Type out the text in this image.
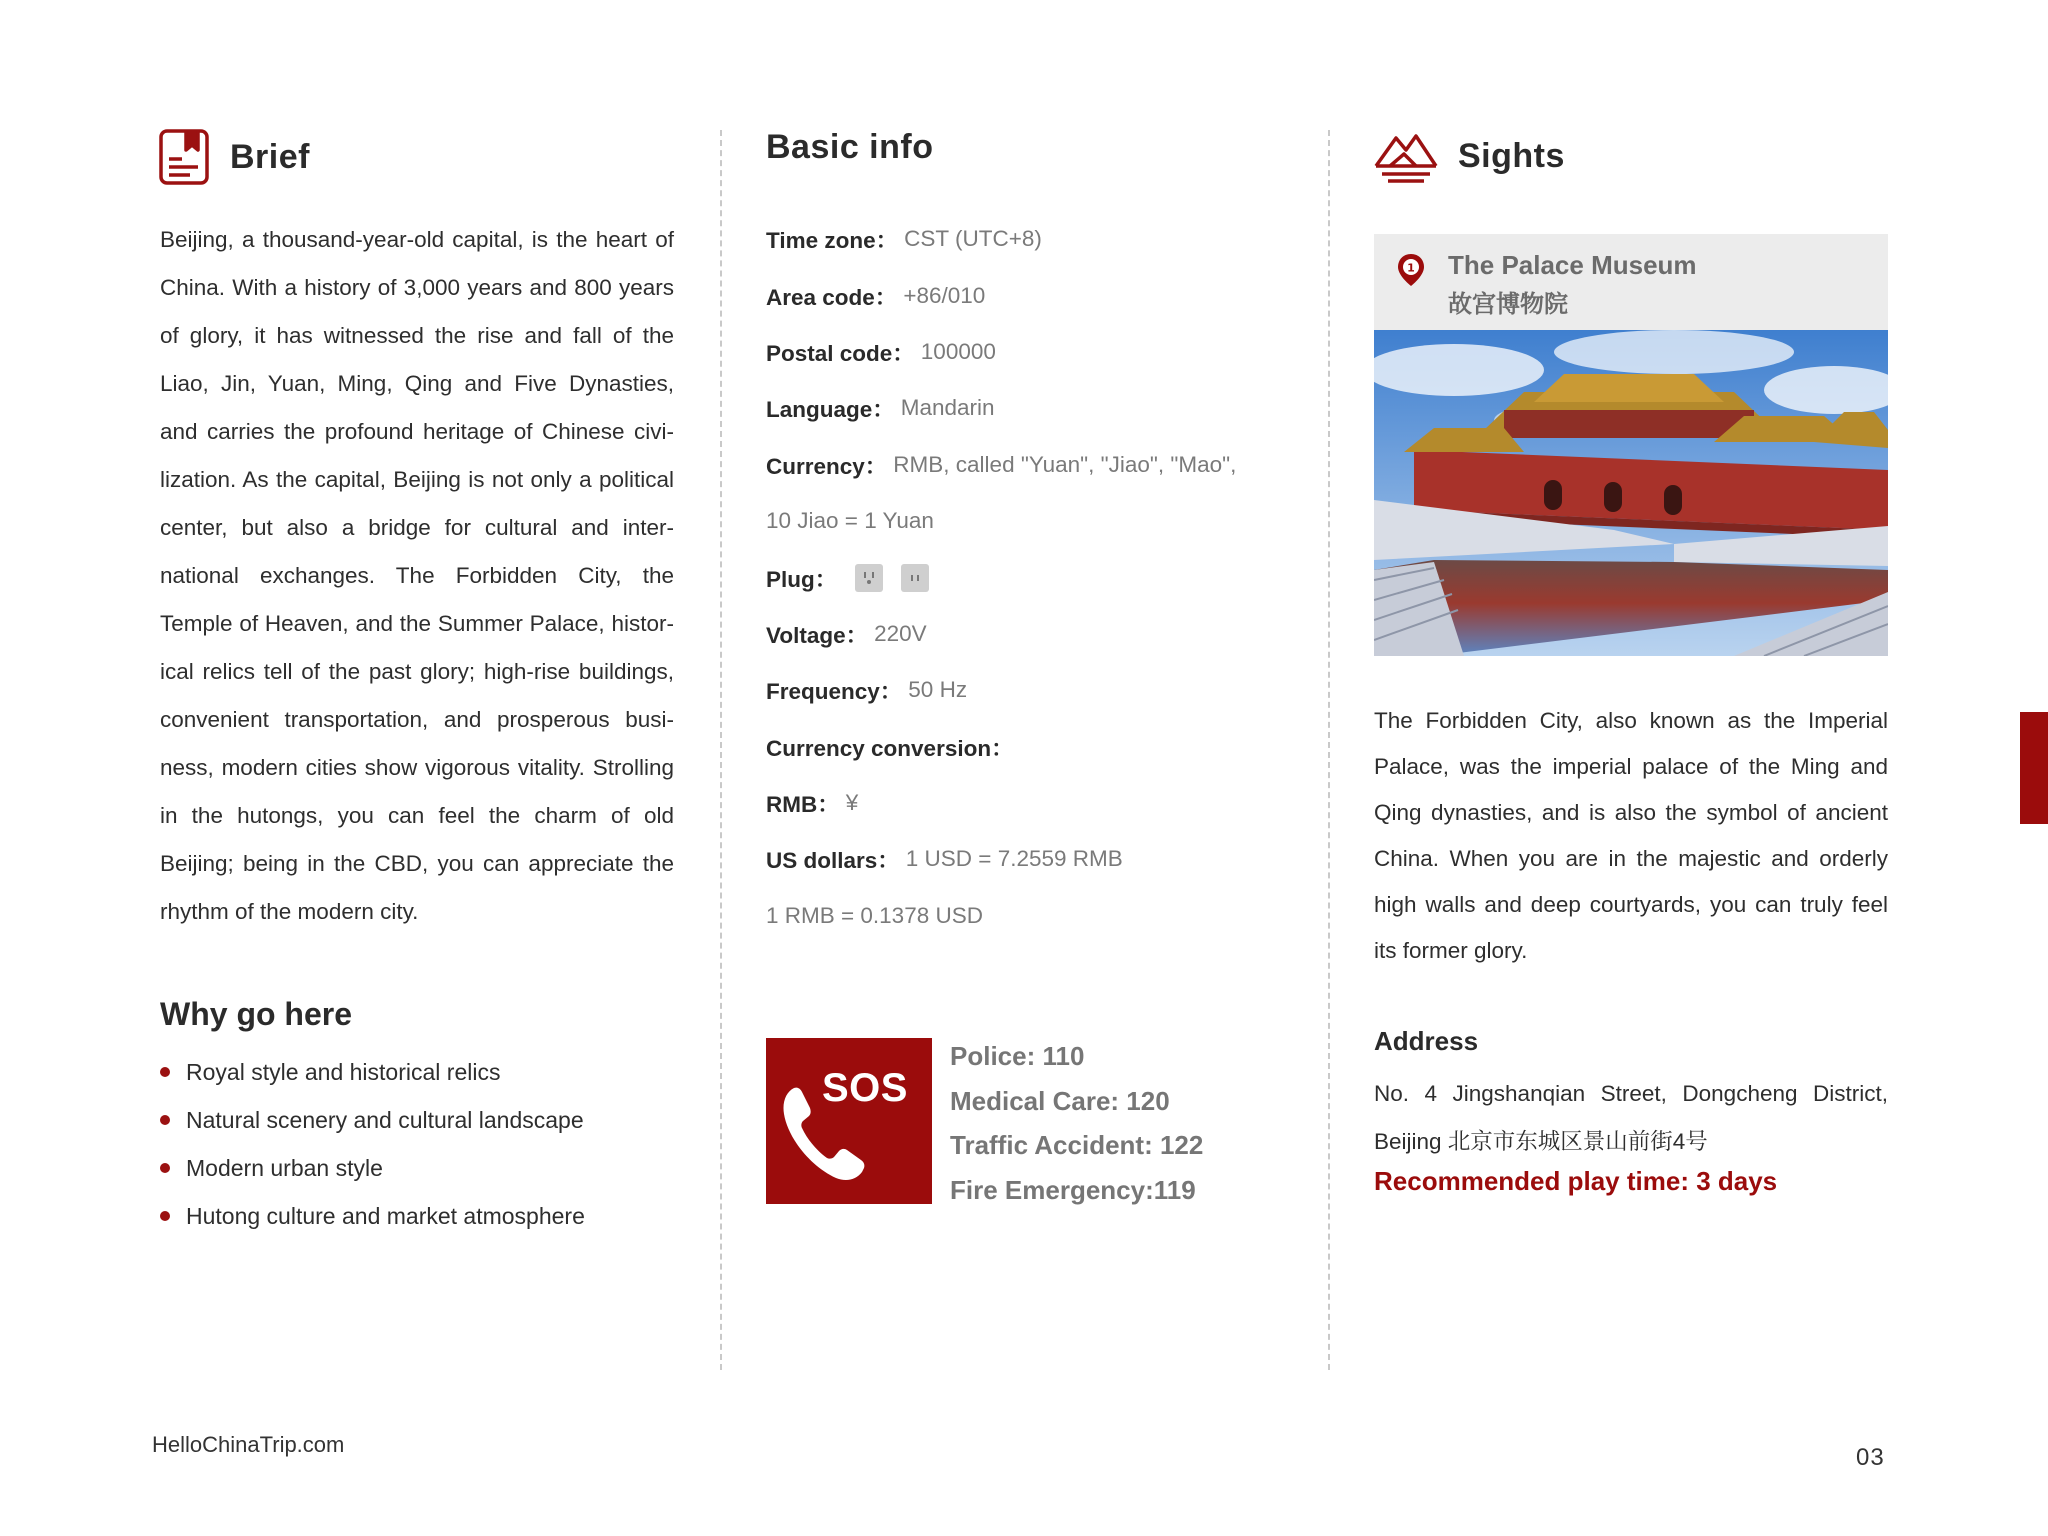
Brief

Beijing, a thousand-year-old capital, is the heart of China. With a history of 3,000 years and 800 years of glory, it has witnessed the rise and fall of the Liao, Jin, Yuan, Ming, Qing and Five Dynasties, and carries the profound heritage of Chinese civilization. As the capital, Beijing is not only a political center, but also a bridge for cultural and international exchanges. The Forbidden City, the Temple of Heaven, and the Summer Palace, historical relics tell of the past glory; high-rise buildings, convenient transportation, and prosperous business, modern cities show vigorous vitality. Strolling in the hutongs, you can feel the charm of old Beijing; being in the CBD, you can appreciate the rhythm of the modern city.

Why go here
Royal style and historical relics
Natural scenery and cultural landscape
Modern urban style
Hutong culture and market atmosphere
Basic info
Time zone： CST (UTC+8)
Area code： +86/010
Postal code： 100000
Language： Mandarin
Currency： RMB, called "Yuan", "Jiao", "Mao",
10 Jiao = 1 Yuan
Plug：
Voltage： 220V
Frequency： 50 Hz
Currency conversion：
RMB： ¥
US dollars： 1 USD = 7.2559 RMB
1 RMB = 0.1378 USD
SOS
Police: 110
Medical Care: 120
Traffic Accident: 122
Fire Emergency:119
Sights
1 The Palace Museum
故宫博物院

The Forbidden City, also known as the Imperial Palace, was the imperial palace of the Ming and Qing dynasties, and is also the symbol of ancient China. When you are in the majestic and orderly high walls and deep courtyards, you can truly feel its former glory.

Address

No. 4 Jingshanqian Street, Dongcheng District, Beijing 北京市东城区景山前街4号

Recommended play time: 3 days
HelloChinaTrip.com	03
